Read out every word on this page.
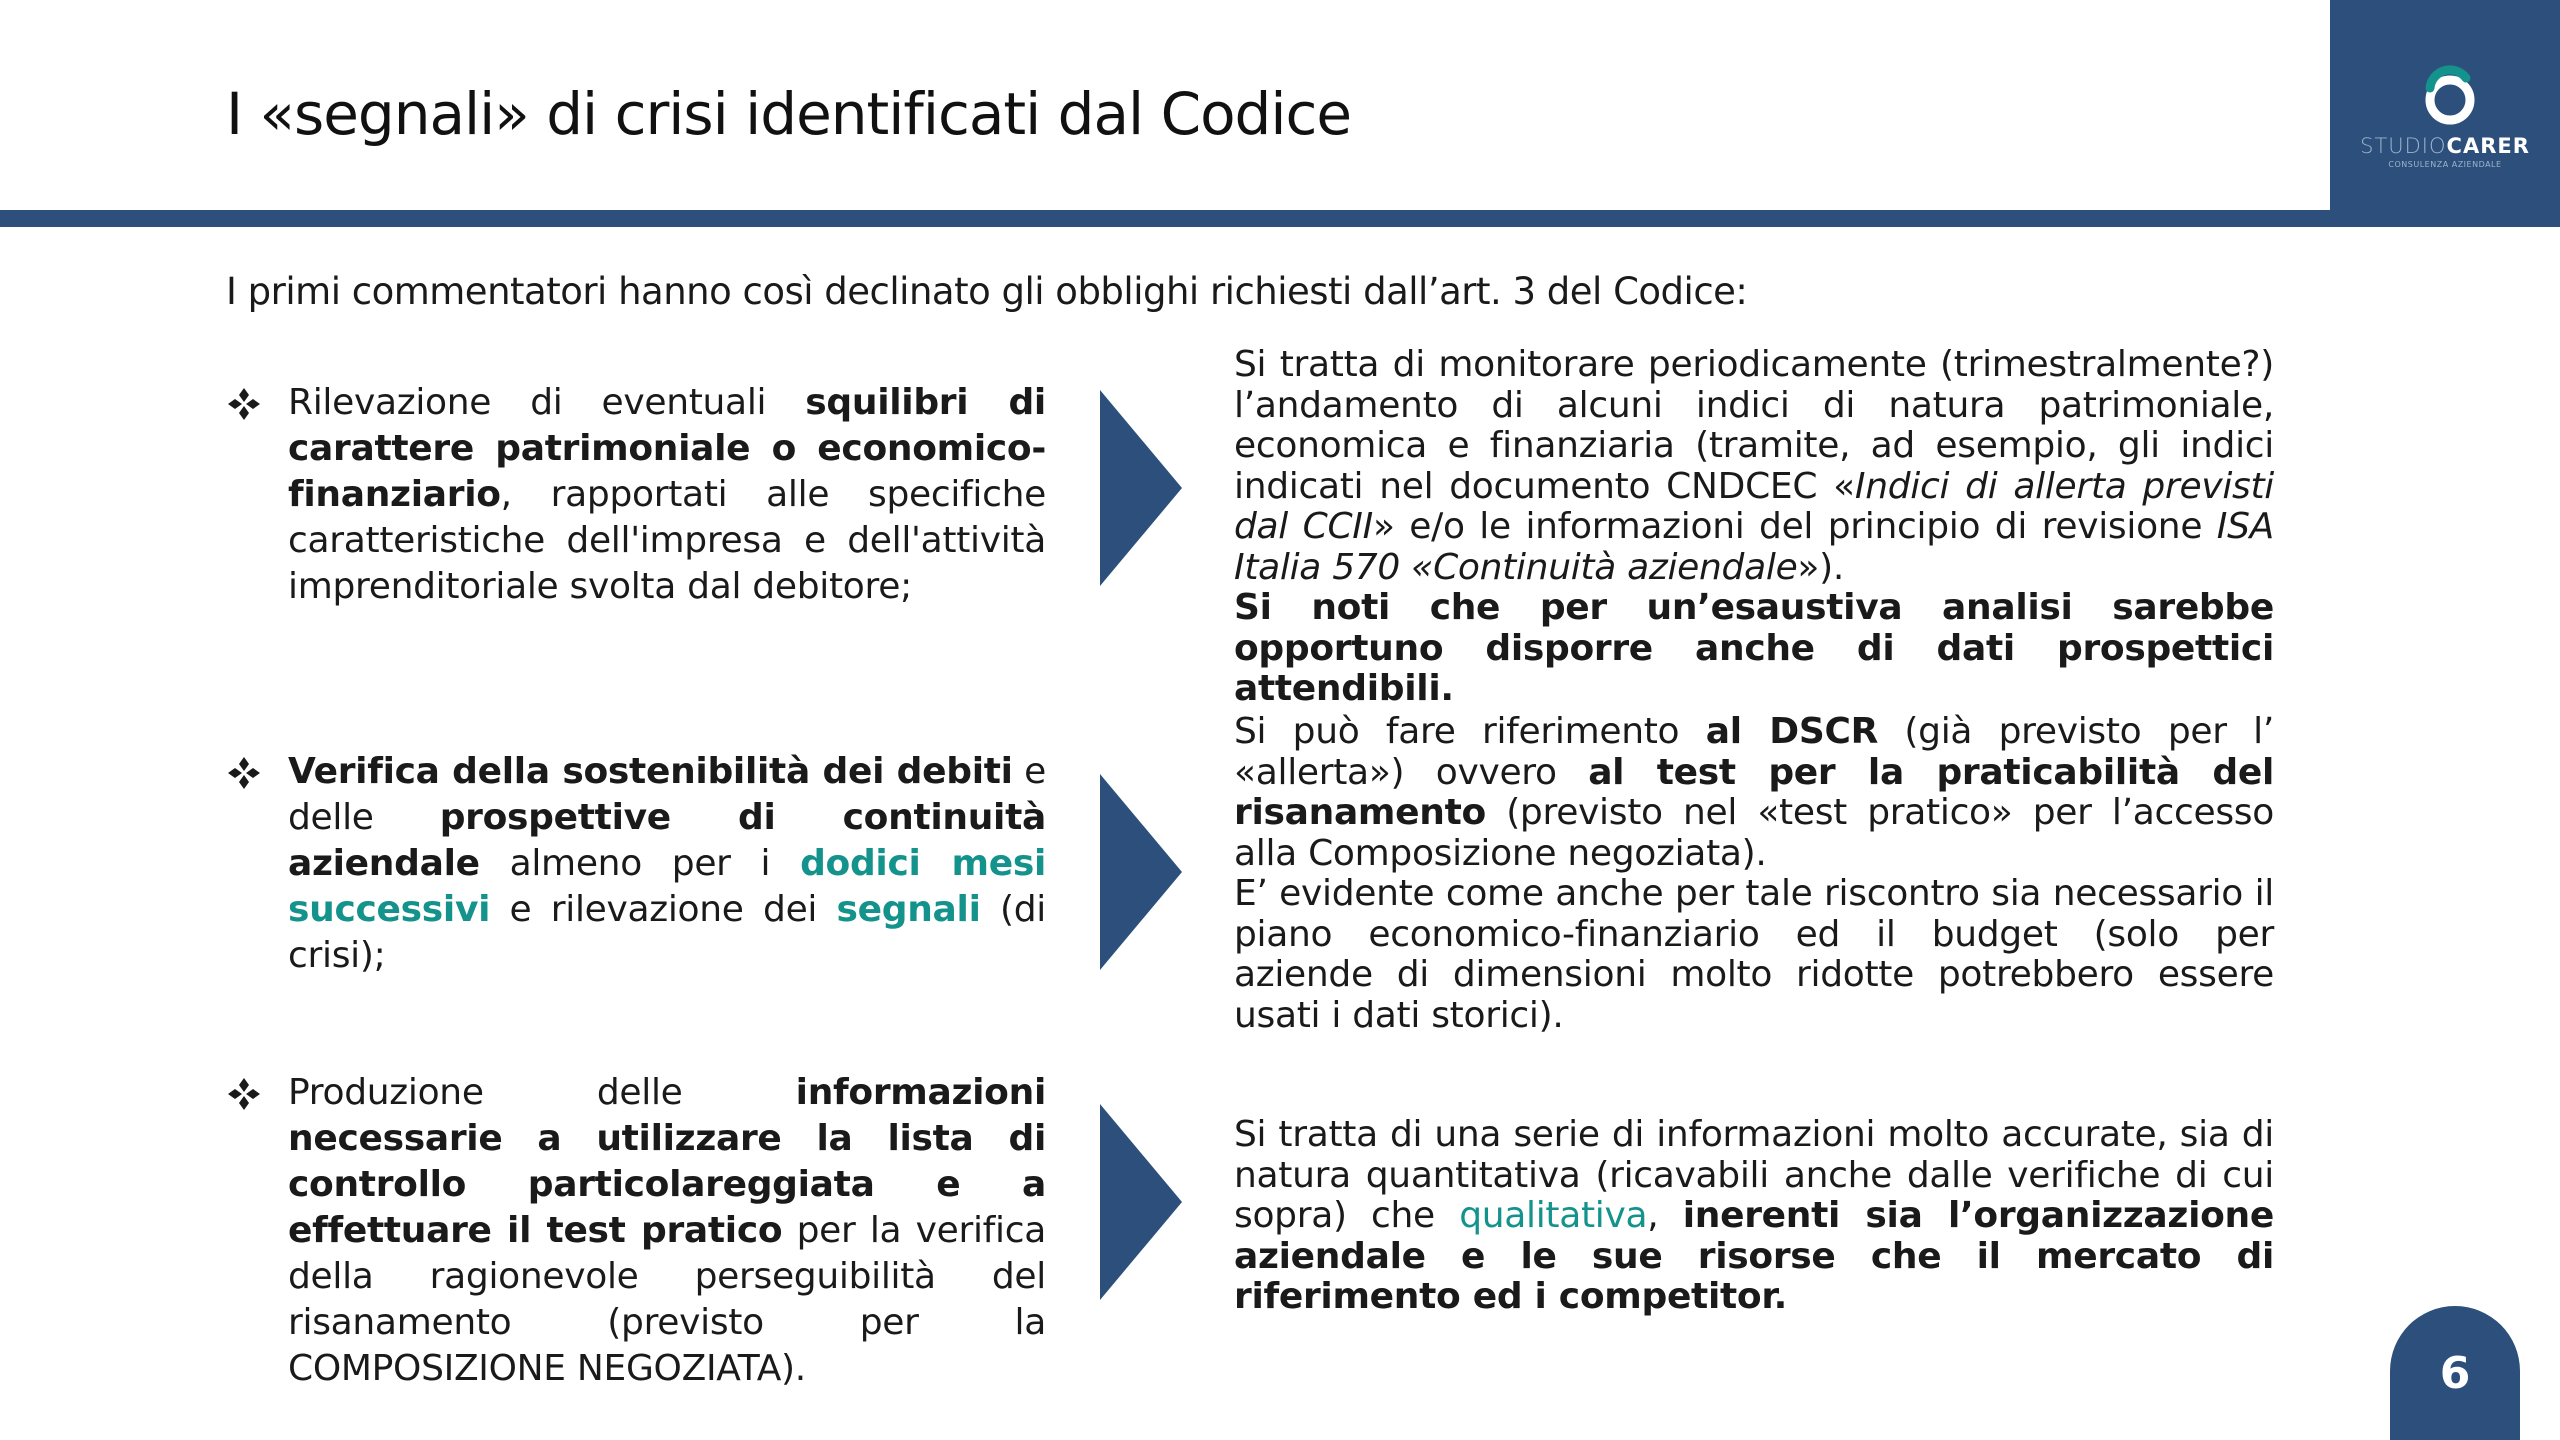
I «segnali» di crisi identificati dal Codice	STUDIOCARER
CONSULENZA AZIENDALE
I primi commentatori hanno così declinato gli obblighi richiesti dall’art. 3 del Codice:
Rilevazione di eventuali squilibri di carattere patrimoniale o economico-finanziario, rapportati alle specifiche caratteristiche dell'impresa e dell'attività imprenditoriale svolta dal debitore;
Verifica della sostenibilità dei debiti e delle prospettive di continuità aziendale almeno per i dodici mesi successivi e rilevazione dei segnali (di crisi);
Produzione delle informazioni necessarie a utilizzare la lista di controllo particolareggiata e a effettuare il test pratico per la verifica della ragionevole perseguibilità del risanamento (previsto per la COMPOSIZIONE NEGOZIATA).

Si tratta di monitorare periodicamente (trimestralmente?) l’andamento di alcuni indici di natura patrimoniale, economica e finanziaria (tramite, ad esempio, gli indici indicati nel documento CNDCEC «Indici di allerta previsti dal CCII» e/o le informazioni del principio di revisione ISA Italia 570 «Continuità aziendale»).

Si noti che per un’esaustiva analisi sarebbe opportuno disporre anche di dati prospettici attendibili.

Si può fare riferimento al DSCR (già previsto per l’ «allerta») ovvero al test per la praticabilità del risanamento (previsto nel «test pratico» per l’accesso alla Composizione negoziata).

E’ evidente come anche per tale riscontro sia necessario il piano economico-finanziario ed il budget (solo per aziende di dimensioni molto ridotte potrebbero essere usati i dati storici).

Si tratta di una serie di informazioni molto accurate, sia di natura quantitativa (ricavabili anche dalle verifiche di cui sopra) che qualitativa, inerenti sia l’organizzazione aziendale e le sue risorse che il mercato di riferimento ed i competitor.

6
